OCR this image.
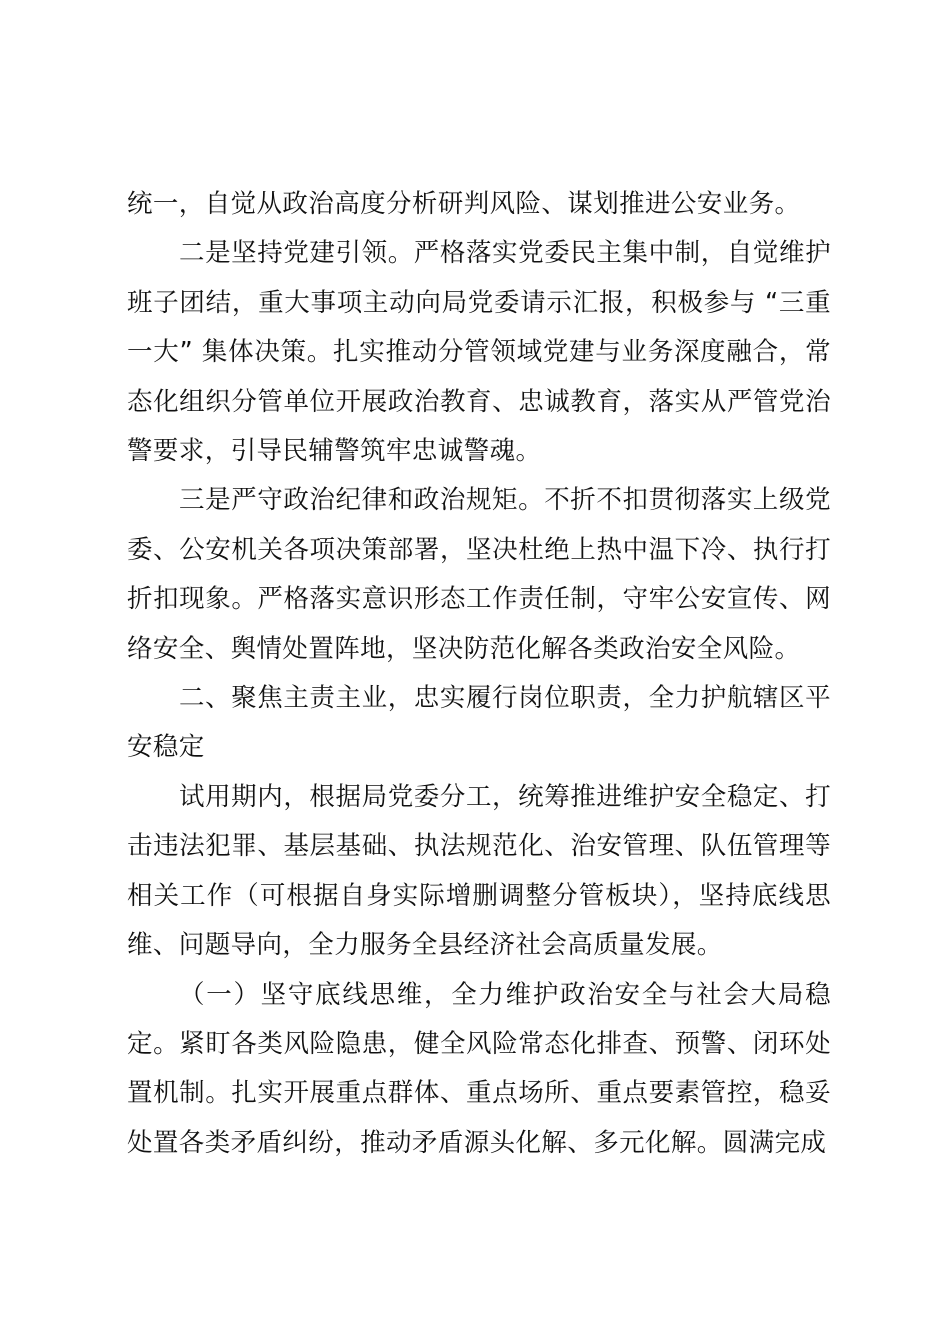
统一，自觉从政治高度分析研判风险、谋划推进公安业务。

二是坚持党建引领。严格落实党委民主集中制，自觉维护班子团结，重大事项主动向局党委请示汇报，积极参与 “三重一大” 集体决策。扎实推动分管领域党建与业务深度融合，常态化组织分管单位开展政治教育、忠诚教育，落实从严管党治警要求，引导民辅警筑牢忠诚警魂。

三是严守政治纪律和政治规矩。不折不扣贯彻落实上级党委、公安机关各项决策部署，坚决杜绝上热中温下冷、执行打折扣现象。严格落实意识形态工作责任制，守牢公安宣传、网络安全、舆情处置阵地，坚决防范化解各类政治安全风险。

二、聚焦主责主业，忠实履行岗位职责，全力护航辖区平安稳定

试用期内，根据局党委分工，统筹推进维护安全稳定、打击违法犯罪、基层基础、执法规范化、治安管理、队伍管理等相关工作（可根据自身实际增删调整分管板块），坚持底线思维、问题导向，全力服务全县经济社会高质量发展。

（一）坚守底线思维，全力维护政治安全与社会大局稳定。紧盯各类风险隐患，健全风险常态化排查、预警、闭环处置机制。扎实开展重点群体、重点场所、重点要素管控，稳妥处置各类矛盾纠纷，推动矛盾源头化解、多元化解。圆满完成
